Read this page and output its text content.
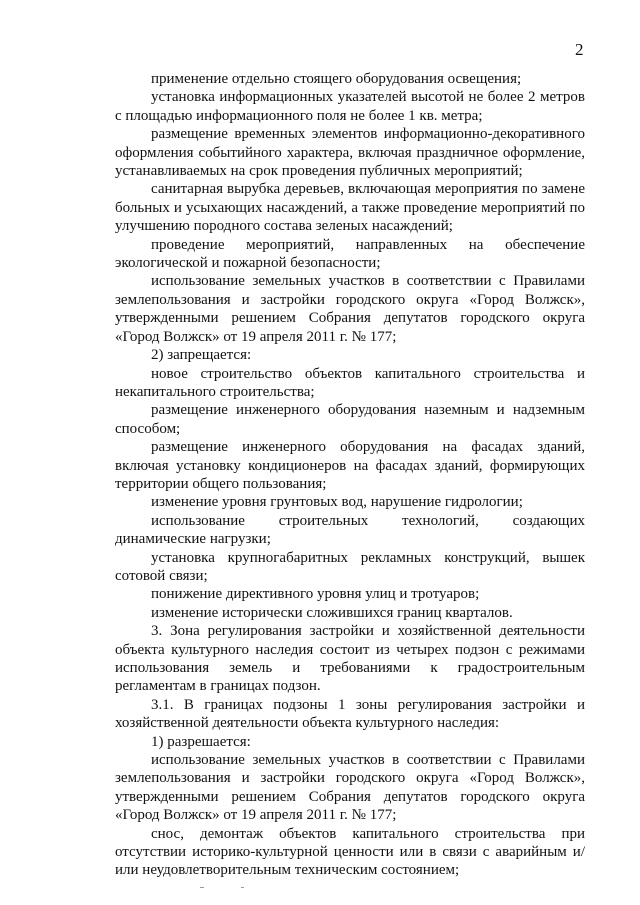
2

применение отдельно стоящего оборудования освещения;

установка информационных указателей высотой не более 2 метров с площадью информационного поля не более 1 кв. метра;

размещение временных элементов информационно-декоративного оформления событийного характера, включая праздничное оформление, устанавливаемых на срок проведения публичных мероприятий;

санитарная вырубка деревьев, включающая мероприятия по замене больных и усыхающих насаждений, а также проведение мероприятий по улучшению породного состава зеленых насаждений;

проведение мероприятий, направленных на обеспечение экологической и пожарной безопасности;

использование земельных участков в соответствии с Правилами землепользования и застройки городского округа «Город Волжск», утвержденными решением Собрания депутатов городского округа «Город Волжск» от 19 апреля 2011 г. № 177;

2) запрещается:

новое строительство объектов капитального строительства и некапитального строительства;

размещение инженерного оборудования наземным и надземным способом;

размещение инженерного оборудования на фасадах зданий, включая установку кондиционеров на фасадах зданий, формирующих территории общего пользования;

изменение уровня грунтовых вод, нарушение гидрологии;

использование строительных технологий, создающих динамические нагрузки;

установка крупногабаритных рекламных конструкций, вышек сотовой связи;

понижение директивного уровня улиц и тротуаров;

изменение исторически сложившихся границ кварталов.

3. Зона регулирования застройки и хозяйственной деятельности объекта культурного наследия состоит из четырех подзон с режимами использования земель и требованиями к градостроительным регламентам в границах подзон.

3.1. В границах подзоны 1 зоны регулирования застройки и хозяйственной деятельности объекта культурного наследия:

1) разрешается:

использование земельных участков в соответствии с Правилами землепользования и застройки городского округа «Город Волжск», утвержденными решением Собрания депутатов городского округа «Город Волжск» от 19 апреля 2011 г. № 177;

снос, демонтаж объектов капитального строительства при отсутствии историко-культурной ценности или в связи с аварийным и/или неудовлетворительным техническим состоянием;
